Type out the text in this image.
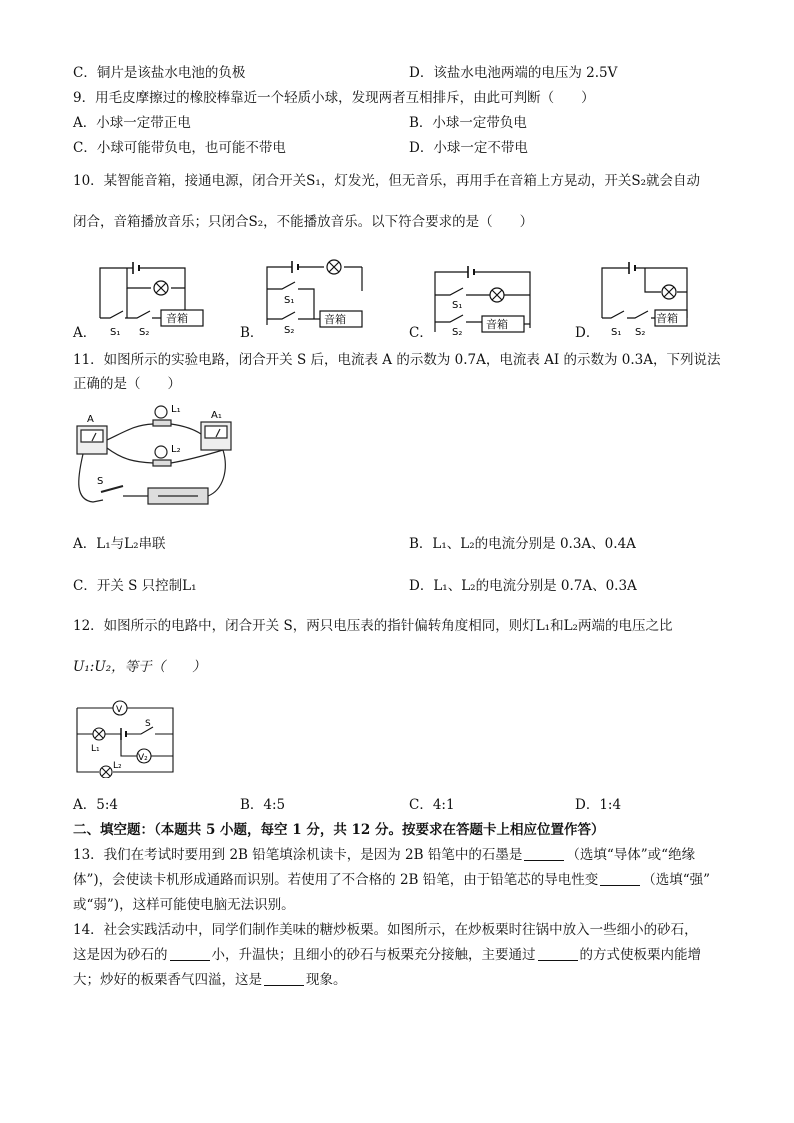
C．铜片是该盐水电池的负极	D．该盐水电池两端的电压为 2.5V
9．用毛皮摩擦过的橡胶棒靠近一个轻质小球，发现两者互相排斥，由此可判断（　　）
A．小球一定带正电	B．小球一定带负电
C．小球可能带负电，也可能不带电	D．小球一定不带电
10．某智能音箱，接通电源，闭合开关S₁，灯发光，但无音乐，再用手在音箱上方晃动，开关S₂就会自动
闭合，音箱播放音乐；只闭合S₂，不能播放音乐。以下符合要求的是（　　）
A．
音箱
S₁ S₂	B．
音箱
S₁
S₂	C．
音箱
S₁
S₂	D．
音箱
S₁ S₂
11．如图所示的实验电路，闭合开关 S 后，电流表 A 的示数为 0.7A，电流表 AI 的示数为 0.3A，下列说法
正确的是（　　）
A	A₁
L₁
L₂
S
A．L₁与L₂串联	B．L₁、L₂的电流分别是 0.3A、0.4A
C．开关 S 只控制L₁	D．L₁、L₂的电流分别是 0.7A、0.3A
12．如图所示的电路中，闭合开关 S，两只电压表的指针偏转角度相同，则灯L₁和L₂两端的电压之比
U₁:U₂，等于（　　）
V
V₂
S
L₁
L₂
A．5:4	B．4:5	C．4:1	D．1:4
二、填空题：（本题共 5 小题，每空 1 分，共 12 分。按要求在答题卡上相应位置作答）
13．我们在考试时要用到 2B 铅笔填涂机读卡，是因为 2B 铅笔中的石墨是	（选填“导体”或“绝缘
体”)，会使读卡机形成通路而识别。若使用了不合格的 2B 铅笔，由于铅笔芯的导电性变	（选填“强”
或“弱”)，这样可能使电脑无法识别。
14．社会实践活动中，同学们制作美味的糖炒板栗。如图所示，在炒板栗时往锅中放入一些细小的砂石，
这是因为砂石的	小，升温快；且细小的砂石与板栗充分接触，主要通过	的方式使板栗内能增
大；炒好的板栗香气四溢，这是	现象。
